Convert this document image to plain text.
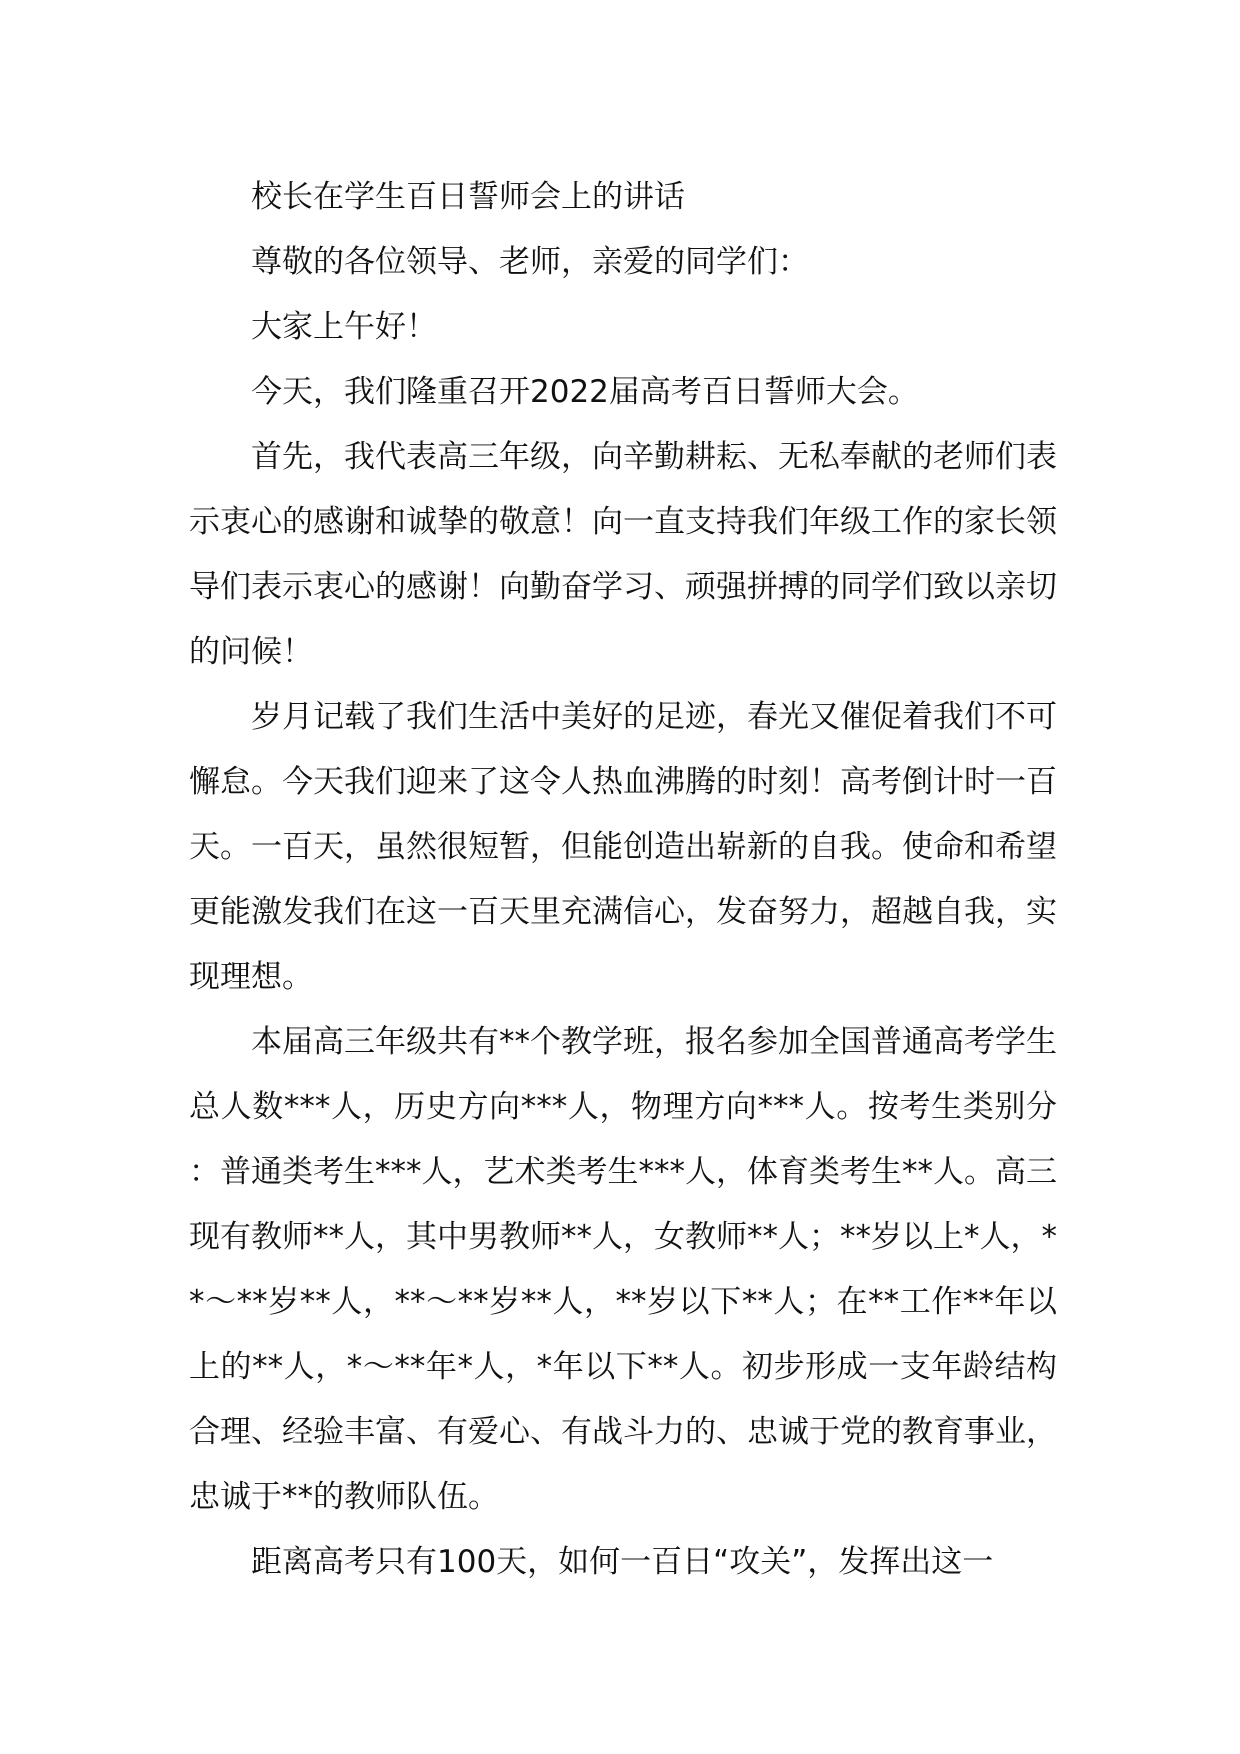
校长在学生百日誓师会上的讲话

尊敬的各位领导、老师，亲爱的同学们：

大家上午好！

今天，我们隆重召开2022届高考百日誓师大会。

首先，我代表高三年级，向辛勤耕耘、无私奉献的老师们表示衷心的感谢和诚挚的敬意！向一直支持我们年级工作的家长领导们表示衷心的感谢！向勤奋学习、顽强拼搏的同学们致以亲切的问候！

岁月记载了我们生活中美好的足迹，春光又催促着我们不可懈怠。今天我们迎来了这令人热血沸腾的时刻！高考倒计时一百天。一百天，虽然很短暂，但能创造出崭新的自我。使命和希望更能激发我们在这一百天里充满信心，发奋努力，超越自我，实现理想。

本届高三年级共有**个教学班，报名参加全国普通高考学生总人数***人，历史方向***人，物理方向***人。按考生类别分：普通类考生***人，艺术类考生***人，体育类考生**人。高三现有教师**人，其中男教师**人，女教师**人；**岁以上*人，**～**岁**人，**～**岁**人，**岁以下**人；在**工作**年以上的**人，*～**年*人，*年以下**人。初步形成一支年龄结构合理、经验丰富、有爱心、有战斗力的、忠诚于党的教育事业，忠诚于**的教师队伍。

距离高考只有100天，如何一百日“攻关”，发挥出这一
